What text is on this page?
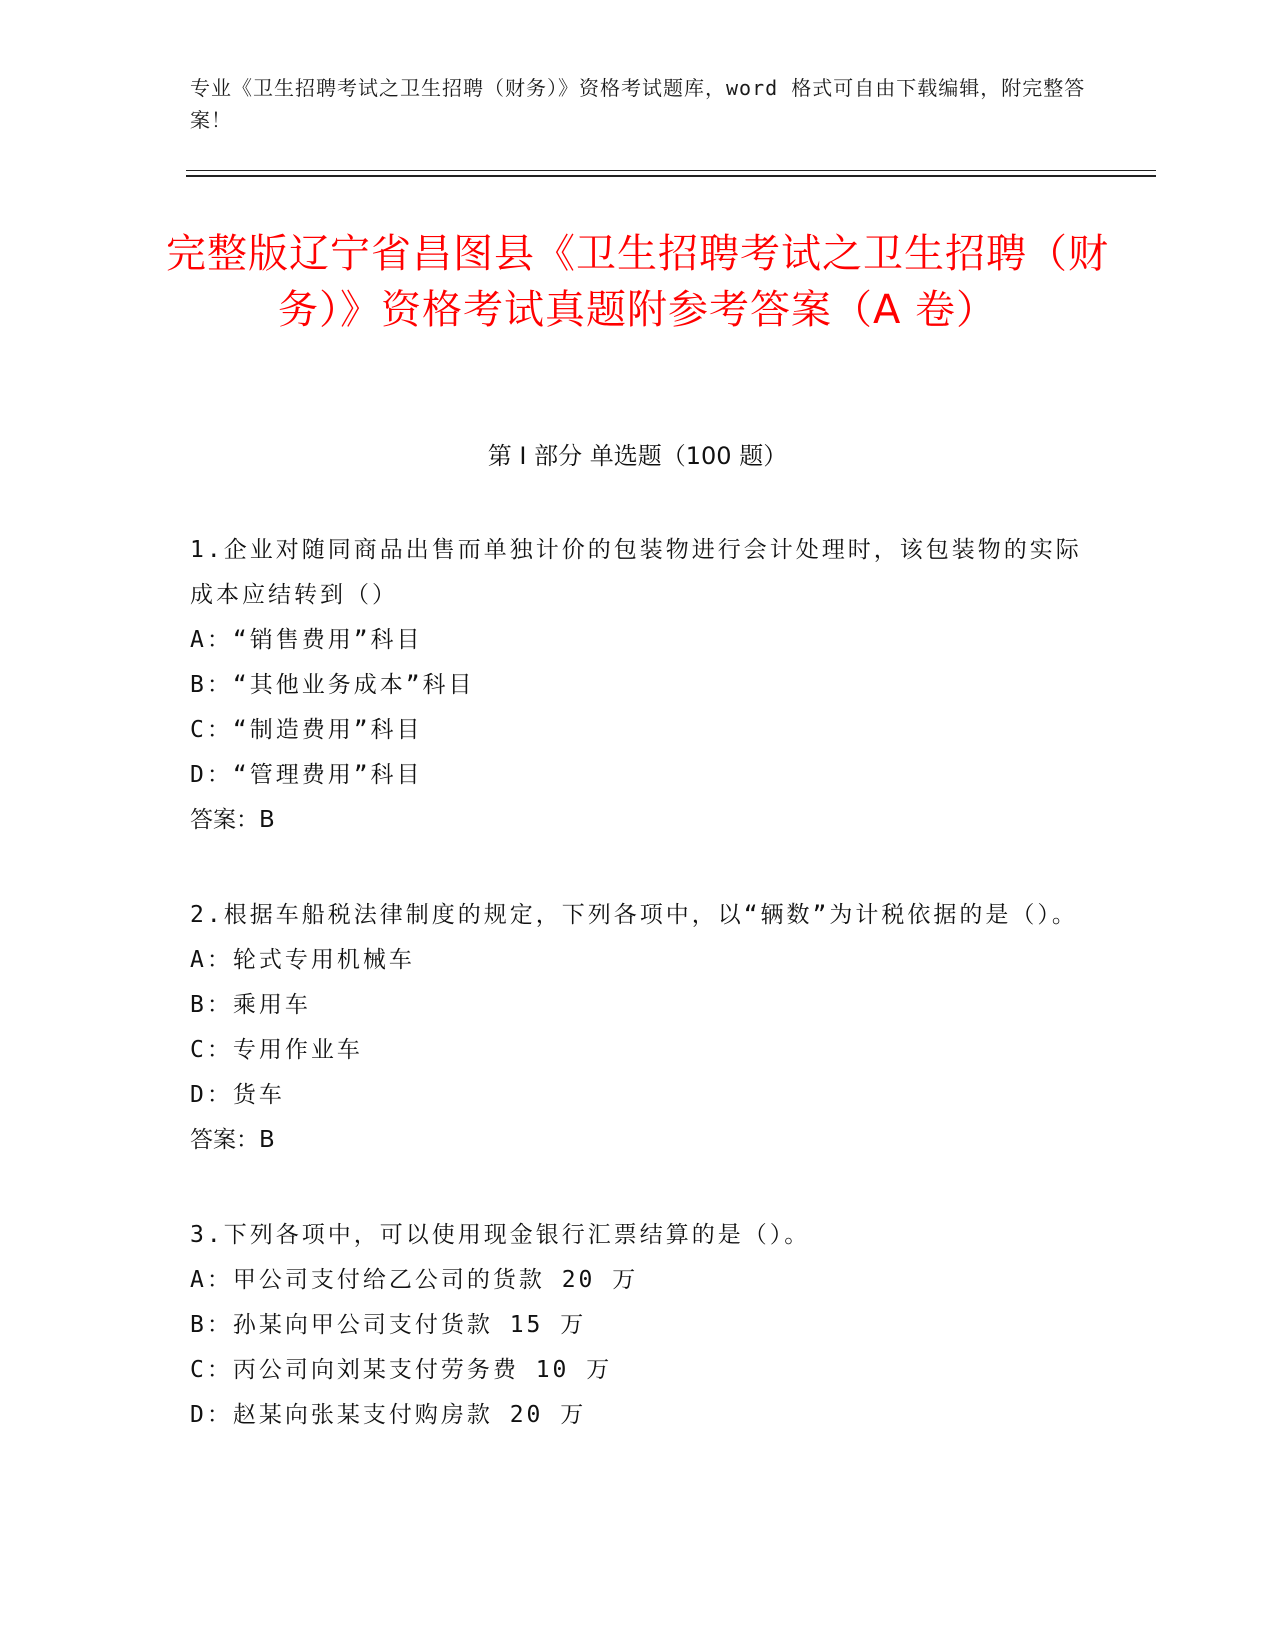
专业《卫生招聘考试之卫生招聘（财务）》资格考试题库，word 格式可自由下载编辑，附完整答案！
完整版辽宁省昌图县《卫生招聘考试之卫生招聘（财务）》资格考试真题附参考答案（A 卷）
第 I 部分 单选题（100 题）

1.企业对随同商品出售而单独计价的包装物进行会计处理时，该包装物的实际成本应结转到（）

A：“销售费用”科目

B：“其他业务成本”科目

C：“制造费用”科目

D：“管理费用”科目

答案：B

2.根据车船税法律制度的规定，下列各项中，以“辆数”为计税依据的是（）。

A：轮式专用机械车

B：乘用车

C：专用作业车

D：货车

答案：B

3.下列各项中，可以使用现金银行汇票结算的是（）。

A：甲公司支付给乙公司的货款 20 万

B：孙某向甲公司支付货款 15 万

C：丙公司向刘某支付劳务费 10 万

D：赵某向张某支付购房款 20 万
